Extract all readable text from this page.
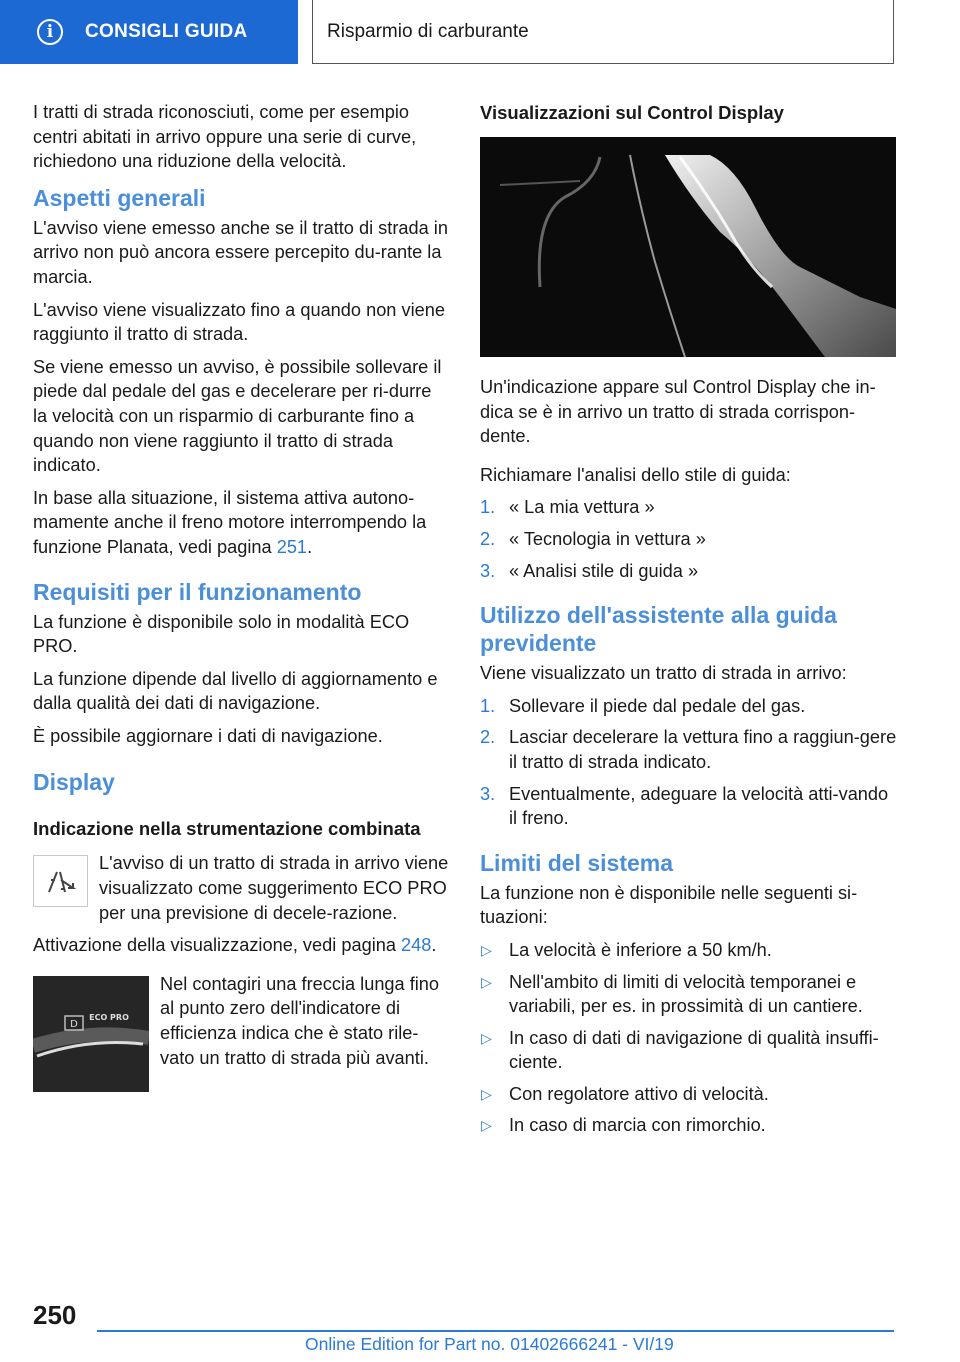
i	CONSIGLI GUIDA	Risparmio di carburante

I tratti di strada riconosciuti, come per esempio centri abitati in arrivo oppure una serie di curve, richiedono una riduzione della velocità.

Aspetti generali

L'avviso viene emesso anche se il tratto di strada in arrivo non può ancora essere percepito du‐rante la marcia.

L'avviso viene visualizzato fino a quando non viene raggiunto il tratto di strada.

Se viene emesso un avviso, è possibile sollevare il piede dal pedale del gas e decelerare per ri‐durre la velocità con un risparmio di carburante fino a quando non viene raggiunto il tratto di strada indicato.

In base alla situazione, il sistema attiva autono‐mamente anche il freno motore interrompendo la funzione Planata, vedi pagina 251.

Requisiti per il funzionamento

La funzione è disponibile solo in modalità ECO PRO.

La funzione dipende dal livello di aggiornamento e dalla qualità dei dati di navigazione.

È possibile aggiornare i dati di navigazione.

Display
Indicazione nella strumentazione combinata

L'avviso di un tratto di strada in arrivo viene visualizzato come suggerimento ECO PRO per una previsione di decele‐razione.

Attivazione della visualizzazione, vedi pagina 248.

D
ECO PRO

Nel contagiri una freccia lunga fino al punto zero dell'indicatore di efficienza indica che è stato rile‐vato un tratto di strada più avanti.

Visualizzazioni sul Control Display

Un'indicazione appare sul Control Display che in‐dica se è in arrivo un tratto di strada corrispon‐dente.

Richiamare l'analisi dello stile di guida:

1. « La mia vettura »
2. « Tecnologia in vettura »
3. « Analisi stile di guida »
Utilizzo dell'assistente alla guida previdente

Viene visualizzato un tratto di strada in arrivo:

1. Sollevare il piede dal pedale del gas.
2. Lasciar decelerare la vettura fino a raggiun‐gere il tratto di strada indicato.
3. Eventualmente, adeguare la velocità atti‐vando il freno.
Limiti del sistema

La funzione non è disponibile nelle seguenti si‐tuazioni:

▷ La velocità è inferiore a 50 km/h.
▷ Nell'ambito di limiti di velocità temporanei e variabili, per es. in prossimità di un cantiere.
▷ In caso di dati di navigazione di qualità insuffi‐ciente.
▷ Con regolatore attivo di velocità.
▷ In caso di marcia con rimorchio.
250
Online Edition for Part no. 01402666241 - VI/19
